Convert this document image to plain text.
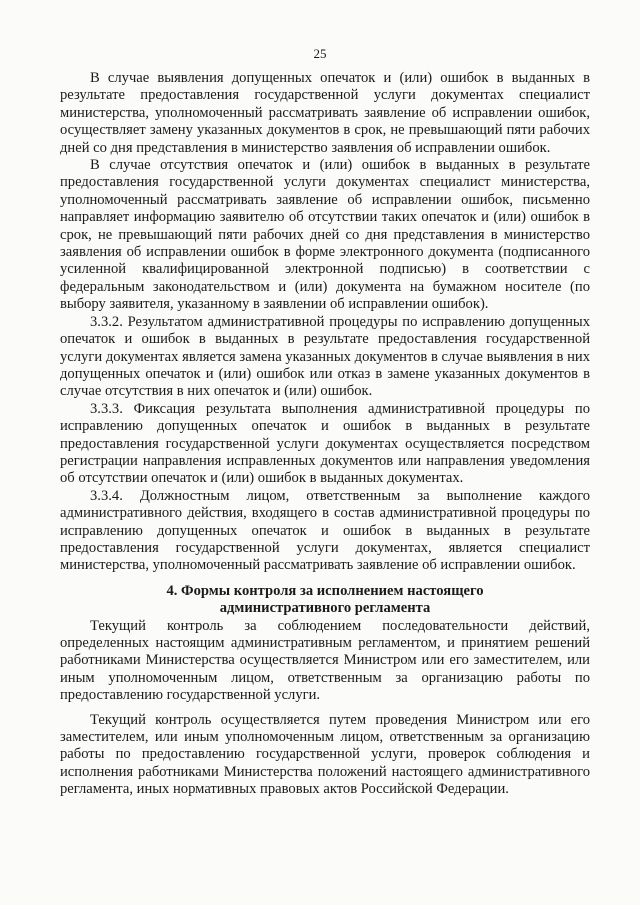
25

В случае выявления допущенных опечаток и (или) ошибок в выданных в результате предоставления государственной услуги документах специалист министерства, уполномоченный рассматривать заявление об исправлении ошибок, осуществляет замену указанных документов в срок, не превышающий пяти рабочих дней со дня представления в министерство заявления об исправлении ошибок.

В случае отсутствия опечаток и (или) ошибок в выданных в результате предоставления государственной услуги документах специалист министерства, уполномоченный рассматривать заявление об исправлении ошибок, письменно направляет информацию заявителю об отсутствии таких опечаток и (или) ошибок в срок, не превышающий пяти рабочих дней со дня представления в министерство заявления об исправлении ошибок в форме электронного документа (подписанного усиленной квалифицированной электронной подписью) в соответствии с федеральным законодательством и (или) документа на бумажном носителе (по выбору заявителя, указанному в заявлении об исправлении ошибок).

3.3.2. Результатом административной процедуры по исправлению допущенных опечаток и ошибок в выданных в результате предоставления государственной услуги документах является замена указанных документов в случае выявления в них допущенных опечаток и (или) ошибок или отказ в замене указанных документов в случае отсутствия в них опечаток и (или) ошибок.

3.3.3. Фиксация результата выполнения административной процедуры по исправлению допущенных опечаток и ошибок в выданных в результате предоставления государственной услуги документах осуществляется посредством регистрации направления исправленных документов или направления уведомления об отсутствии опечаток и (или) ошибок в выданных документах.

3.3.4. Должностным лицом, ответственным за выполнение каждого административного действия, входящего в состав административной процедуры по исправлению допущенных опечаток и ошибок в выданных в результате предоставления государственной услуги документах, является специалист министерства, уполномоченный рассматривать заявление об исправлении ошибок.

4. Формы контроля за исполнением настоящего
административного регламента

Текущий контроль за соблюдением последовательности действий, определенных настоящим административным регламентом, и принятием решений работниками Министерства осуществляется Министром или его заместителем, или иным уполномоченным лицом, ответственным за организацию работы по предоставлению государственной услуги.

Текущий контроль осуществляется путем проведения Министром или его заместителем, или иным уполномоченным лицом, ответственным за организацию работы по предоставлению государственной услуги, проверок соблюдения и исполнения работниками Министерства положений настоящего административного регламента, иных нормативных правовых актов Российской Федерации.
